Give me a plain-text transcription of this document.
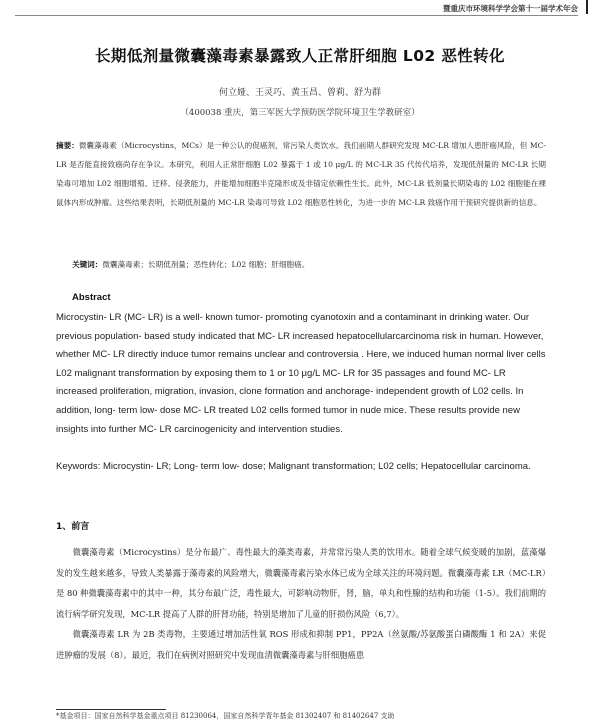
暨重庆市环境科学学会第十一届学术年会
长期低剂量微囊藻毒素暴露致人正常肝细胞 L02 恶性转化
何立娅、王灵巧、黄玉昌、曾莉、舒为群
（400038 重庆，第三军医大学预防医学院环境卫生学教研室）
摘要：微囊藻毒素（Microcystins，MCs）是一种公认的促癌剂，常污染人类饮水。我们前期人群研究发现 MC-LR 增加人患肝癌风险，但 MC-LR 是否能直接致癌尚存在争议。本研究，利用人正常肝细胞 L02 暴露于 1 或 10 μg/L 的 MC-LR 35 代传代培养，发现低剂量的 MC-LR 长期染毒可增加 L02 细胞增殖、迁移、侵袭能力，并能增加细胞半克隆形成及非锚定依赖性生长。此外，MC-LR 低剂量长期染毒的 L02 细胞能在裸鼠体内形成肿瘤。这些结果表明，长期低剂量的 MC-LR 染毒可导致 L02 细胞恶性转化，为进一步的 MC-LR 致癌作用干预研究提供新的信息。
关键词：微囊藻毒素；长期低剂量；恶性转化；L02 细胞；肝细胞癌。
Abstract
Microcystin- LR (MC- LR) is a well- known tumor- promoting cyanotoxin and a contaminant in drinking water. Our previous population- based study indicated that MC- LR increased hepatocellularcarcinoma risk in human. However, whether MC- LR directly induce tumor remains unclear and controversia . Here, we induced human normal liver cells L02 malignant transformation by exposing them to 1 or 10 μg/L MC- LR for 35 passages and found MC- LR increased proliferation, migration, invasion, clone formation and anchorage- independent growth of L02 cells. In addition, long- term low- dose MC- LR treated L02 cells formed tumor in nude mice. These results provide new insights into further MC- LR carcinogenicity and intervention studies.
Keywords: Microcystin- LR; Long- term low- dose; Malignant transformation; L02 cells; Hepatocellular carcinoma.
1、前言

微囊藻毒素（Microcystins）是分布最广、毒性最大的藻类毒素，并常常污染人类的饮用水。随着全球气候变暖的加剧，蓝藻爆发的发生越来越多，导致人类暴露于藻毒素的风险增大，微囊藻毒素污染水体已成为全球关注的环境问题。微囊藻毒素 LR（MC-LR）是 80 种微囊藻毒素中的其中一种，其分布最广泛，毒性最大，可影响动物肝，肾，脑，单丸和性腺的结构和功能（1-5）。我们前期的流行病学研究发现，MC-LR 提高了人群的肝肾功能，特别是增加了儿童的肝损伤风险（6,7）。

微囊藻毒素 LR 为 2B 类毒物，主要通过增加活性氧 ROS 形成和抑制 PP1，PP2A（丝氨酸/苏氨酸蛋白磷酸酶 1 和 2A）来促进肿瘤的发展（8）。最近，我们在病例对照研究中发现血清微囊藻毒素与肝细胞癌患

*基金项目：国家自然科学基金重点项目 81230064，国家自然科学青年基金 81302407 和 81402647 支助
